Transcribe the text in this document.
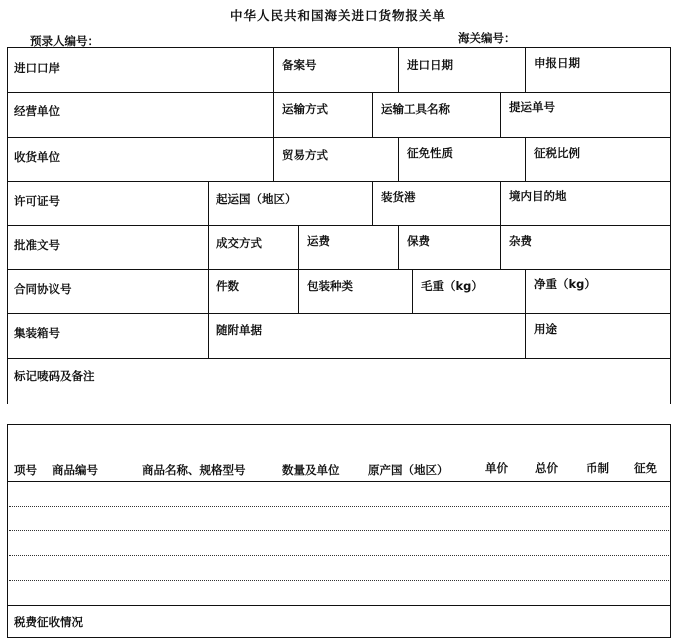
中华人民共和国海关进口货物报关单
预录人编号：	海关编号：
进口口岸	备案号	进口日期	申报日期
经营单位	运输方式	运输工具名称	提运单号
收货单位	贸易方式	征免性质	征税比例
许可证号	起运国（地区）	装货港	境内目的地
批准文号	成交方式	运费	保费	杂费
合同协议号	件数	包装种类	毛重（kg）	净重（kg）
集装箱号	随附单据	用途
标记唛码及备注
项号 商品编号	商品名称、规格型号	数量及单位 原产国（地区）	单价 总价 币制 征免
税费征收情况
